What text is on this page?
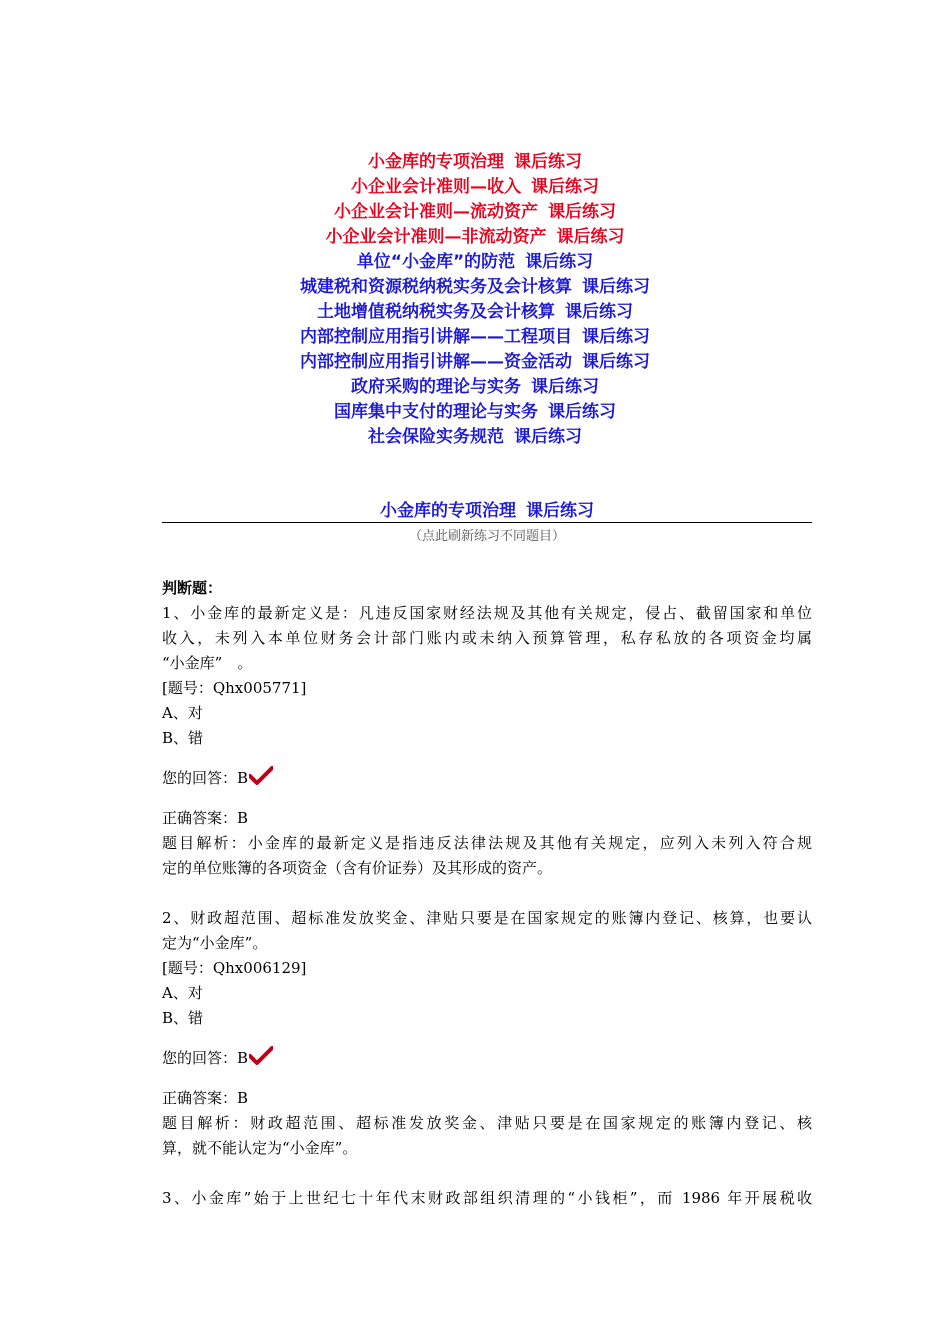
小金库的专项治理 课后练习
小企业会计准则—收入 课后练习
小企业会计准则—流动资产 课后练习
小企业会计准则—非流动资产 课后练习
单位“小金库”的防范 课后练习
城建税和资源税纳税实务及会计核算 课后练习
土地增值税纳税实务及会计核算 课后练习
内部控制应用指引讲解——工程项目 课后练习
内部控制应用指引讲解——资金活动 课后练习
政府采购的理论与实务 课后练习
国库集中支付的理论与实务 课后练习
社会保险实务规范 课后练习
小金库的专项治理 课后练习
（点此刷新练习不同题目）
判断题：
1、小金库的最新定义是：凡违反国家财经法规及其他有关规定，侵占、截留国家和单位
收入，未列入本单位财务会计部门账内或未纳入预算管理，私存私放的各项资金均属
“小金库”　。
[题号：Qhx005771]
A、对
B、错
您的回答：B
正确答案：B
题目解析：小金库的最新定义是指违反法律法规及其他有关规定，应列入未列入符合规
定的单位账簿的各项资金（含有价证券）及其形成的资产。
2、财政超范围、超标准发放奖金、津贴只要是在国家规定的账簿内登记、核算，也要认
定为“小金库”。
[题号：Qhx006129]
A、对
B、错
您的回答：B
正确答案：B
题目解析：财政超范围、超标准发放奖金、津贴只要是在国家规定的账簿内登记、核
算，就不能认定为“小金库”。
3、小金库”始于上世纪七十年代末财政部组织清理的“小钱柜”，而 1986 年开展税收
